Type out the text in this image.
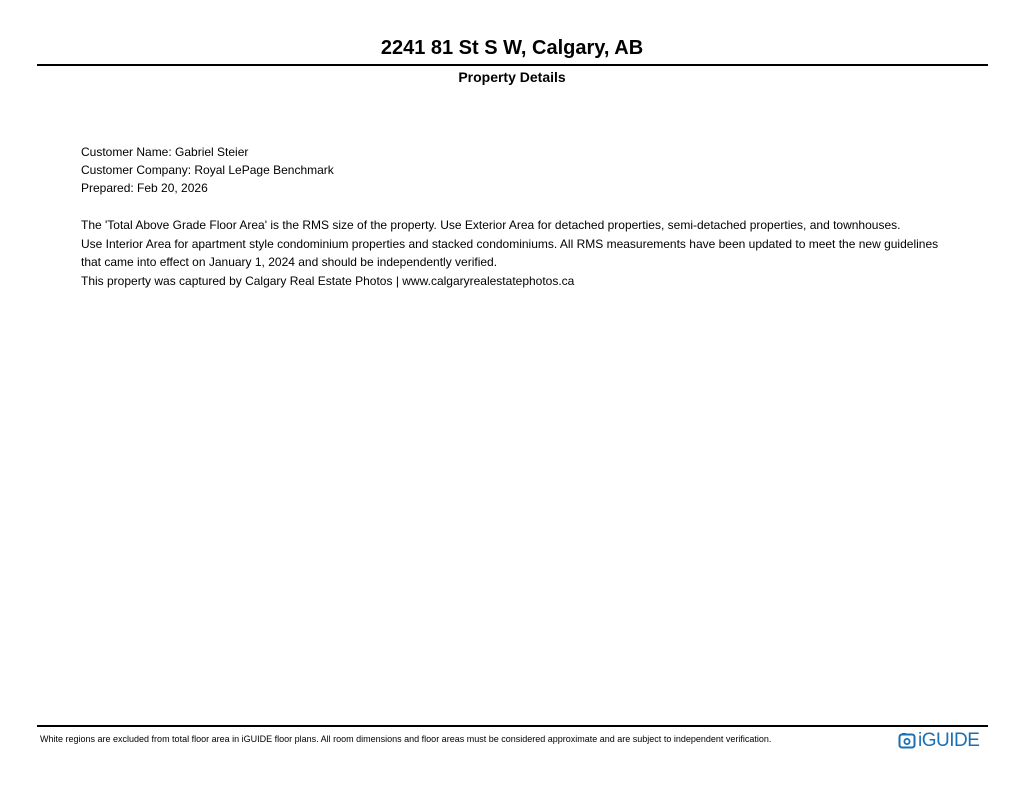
2241 81 St S W, Calgary, AB
Property Details
Customer Name: Gabriel Steier
Customer Company: Royal LePage Benchmark
Prepared: Feb 20, 2026
The 'Total Above Grade Floor Area' is the RMS size of the property. Use Exterior Area for detached properties, semi-detached properties, and townhouses.
Use Interior Area for apartment style condominium properties and stacked condominiums. All RMS measurements have been updated to meet the new guidelines
that came into effect on January 1, 2024 and should be independently verified.
This property was captured by Calgary Real Estate Photos | www.calgaryrealestatephotos.ca
White regions are excluded from total floor area in iGUIDE floor plans. All room dimensions and floor areas must be considered approximate and are subject to independent verification.	iGUIDE
